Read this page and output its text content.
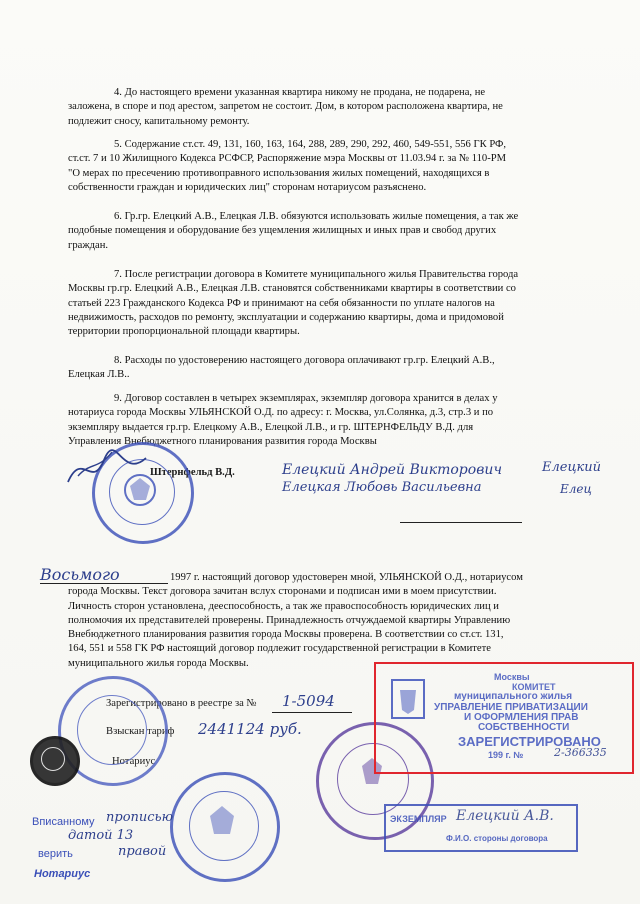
4. До настоящего времени указанная квартира никому не продана, не подарена, не
заложена, в споре и под арестом, запретом не состоит. Дом, в котором расположена квартира, не
подлежит сносу, капитальному ремонту.
5. Содержание ст.ст. 49, 131, 160, 163, 164, 288, 289, 290, 292, 460, 549-551, 556 ГК РФ,
ст.ст. 7 и 10 Жилищного Кодекса РСФСР, Распоряжение мэра Москвы от 11.03.94 г. за № 110-РМ
"О мерах по пресечению противоправного использования жилых помещений, находящихся в
собственности граждан и юридических лиц" сторонам нотариусом разъяснено.
6. Гр.гр. Елецкий А.В., Елецкая Л.В. обязуются использовать жилые помещения, а так же
подобные помещения и оборудование без ущемления жилищных и иных прав и свобод других
граждан.
7. После регистрации договора в Комитете муниципального жилья Правительства города
Москвы гр.гр. Елецкий А.В., Елецкая Л.В. становятся собственниками квартиры в соответствии со
статьей 223 Гражданского Кодекса РФ и принимают на себя обязанности по уплате налогов на
недвижимость, расходов по ремонту, эксплуатации и содержанию квартиры, дома и придомовой
территории пропорциональной площади квартиры.
8. Расходы по удостоверению настоящего договора оплачивают гр.гр. Елецкий А.В.,
Елецкая Л.В..
9. Договор составлен в четырех экземплярах, экземпляр договора хранится в делах у
нотариуса города Москвы УЛЬЯНСКОЙ О.Д. по адресу: г. Москва, ул.Солянка, д.3, стр.3 и по
экземпляру выдается гр.гр. Елецкому А.В., Елецкой Л.В., и гр. ШТЕРНФЕЛЬДУ В.Д. для
Управления Внебюджетного планирования развития города Москвы
Штернфельд В.Д.	Елецкий Андрей Викторович
Елецкая Любовь Васильевна
Елецкий
Елец
Восьмого	1997 г. настоящий договор удостоверен мной, УЛЬЯНСКОЙ О.Д., нотариусом
города Москвы. Текст договора зачитан вслух сторонами и подписан ими в моем присутствии.
Личность сторон установлена, дееспособность, а так же правоспособность юридических лиц и
полномочия их представителей проверены. Принадлежность отчуждаемой квартиры Управлению
Внебюджетного планирования развития города Москвы проверена. В соответствии со ст.ст. 131,
164, 551 и 558 ГК РФ настоящий договор подлежит государственной регистрации в Комитете
муниципального жилья города Москвы.
Зарегистрировано в реестре за № 1-5094
Взыскан тариф 2441124 руб.
Нотариус
Вписанному прописью
датой 13
верить	правой
Нотариус
ЭКЗЕМПЛЯР Елецкий А.В.
Ф.И.О. стороны договора
Москвы
КОМИТЕТ
муниципального жилья
УПРАВЛЕНИЕ ПРИВАТИЗАЦИИ
И ОФОРМЛЕНИЯ ПРАВ
СОБСТВЕННОСТИ
ЗАРЕГИСТРИРОВАНО
199 г. №	2-366335
